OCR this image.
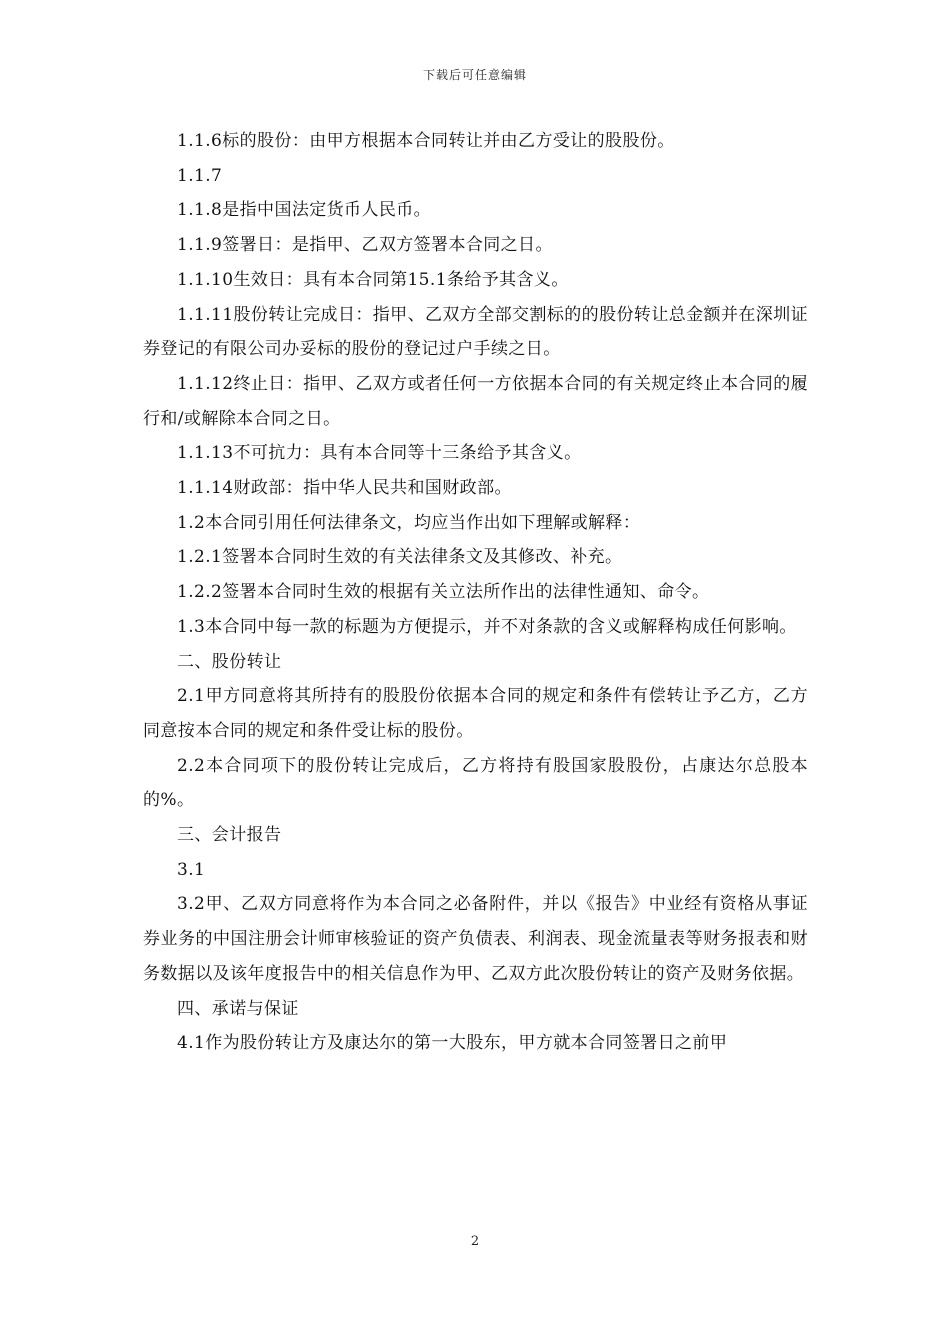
下载后可任意编辑

1.1.6标的股份：由甲方根据本合同转让并由乙方受让的股股份。

1.1.7

1.1.8是指中国法定货币人民币。

1.1.9签署日：是指甲、乙双方签署本合同之日。

1.1.10生效日：具有本合同第15.1条给予其含义。

1.1.11股份转让完成日：指甲、乙双方全部交割标的的股份转让总金额并在深圳证券登记的有限公司办妥标的股份的登记过户手续之日。

1.1.12终止日：指甲、乙双方或者任何一方依据本合同的有关规定终止本合同的履行和/或解除本合同之日。

1.1.13不可抗力：具有本合同等十三条给予其含义。

1.1.14财政部：指中华人民共和国财政部。

1.2本合同引用任何法律条文，均应当作出如下理解或解释：

1.2.1签署本合同时生效的有关法律条文及其修改、补充。

1.2.2签署本合同时生效的根据有关立法所作出的法律性通知、命令。

1.3本合同中每一款的标题为方便提示，并不对条款的含义或解释构成任何影响。

二、股份转让

2.1甲方同意将其所持有的股股份依据本合同的规定和条件有偿转让予乙方，乙方同意按本合同的规定和条件受让标的股份。

2.2本合同项下的股份转让完成后，乙方将持有股国家股股份，占康达尔总股本的%。

三、会计报告

3.1

3.2甲、乙双方同意将作为本合同之必备附件，并以《报告》中业经有资格从事证券业务的中国注册会计师审核验证的资产负债表、利润表、现金流量表等财务报表和财务数据以及该年度报告中的相关信息作为甲、乙双方此次股份转让的资产及财务依据。

四、承诺与保证

4.1作为股份转让方及康达尔的第一大股东，甲方就本合同签署日之前甲

2
